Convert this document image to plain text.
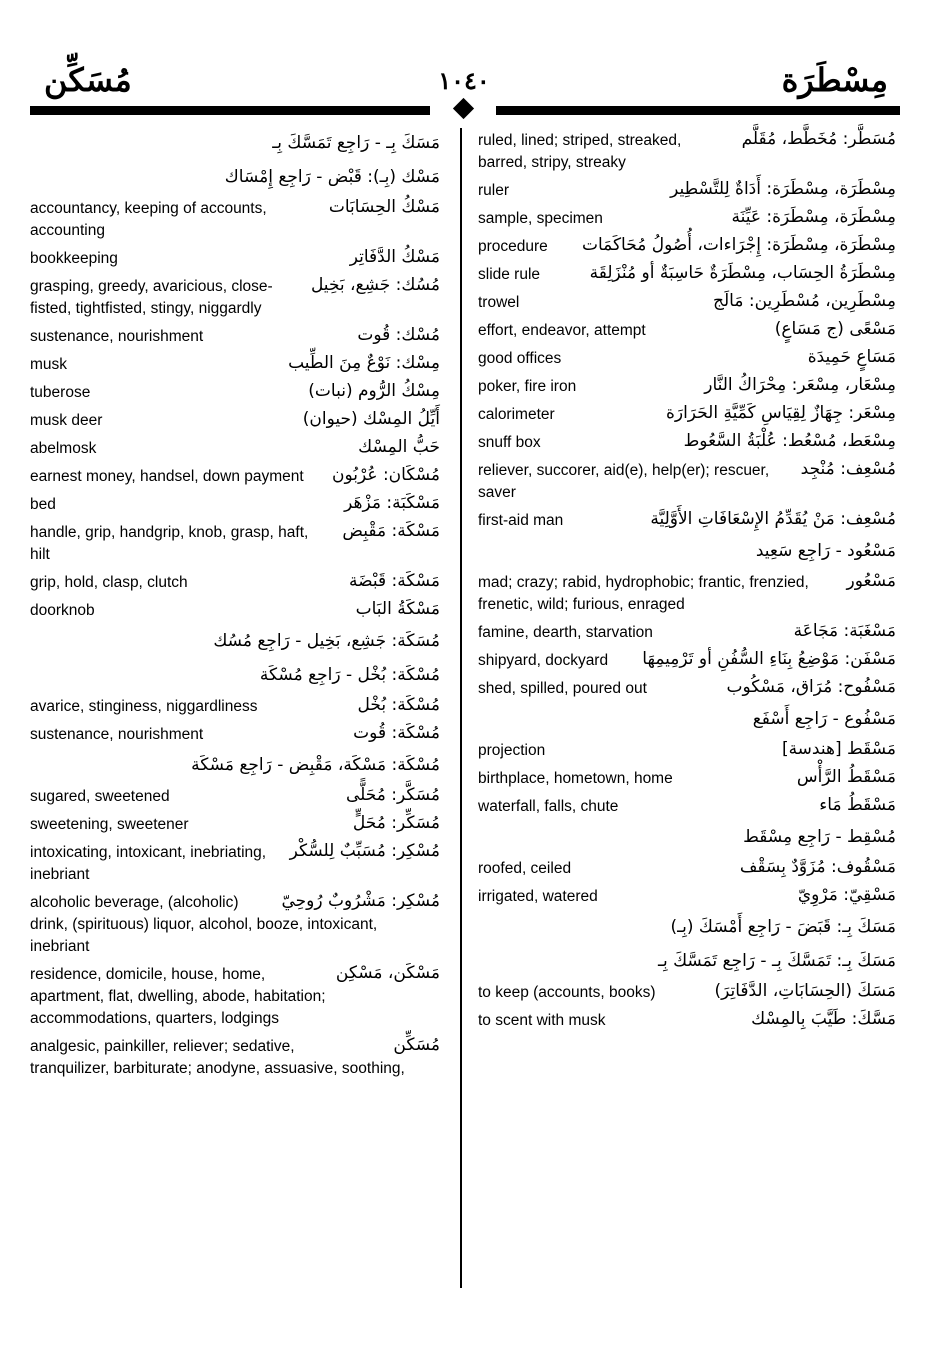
مُسَكِّن	١٠٤٠	مِسْطَرَة
مُسَطَّر: مُخَطَّط، مُقَلَّم
ruled, lined; striped, streaked, barred, stripy, streaky
مِسْطَرَة، مِسْطَرَة: أَدَاةٌ لِلتَّسْطِير
ruler
مِسْطَرَة، مِسْطَرَة: عَيِّنَة
sample, specimen
مِسْطَرَة، مِسْطَرَة: إِجْرَاءات، أُصُولُ مُحَاكَمَات
procedure
مِسْطَرَةُ الحِسَاب، مِسْطَرَةٌ حَاسِبَةٌ أو مُنْزَلِقَة
slide rule
مِسْطَرِين، مُسْطَرِين: مَالَج
trowel
مَسْعًى (ج مَسَاعٍ)
effort, endeavor, attempt
مَسَاعٍ حَمِيدَة
good offices
مِسْعَار، مِسْعَر: مِحْرَاكُ النَّار
poker, fire iron
مِسْعَر: جِهَازٌ لِقِيَاسِ كَمِّيَّةِ الحَرَارَة
calorimeter
مِسْعَط، مُسْعُط: عُلْبَةُ السَّعُوط
snuff box
مُسْعِف: مُنْجِد
reliever, succorer, aid(e), help(er); rescuer, saver
مُسْعِف: مَنْ يُقَدِّمُ الإِسْعَافَاتِ الأَوَّلِيَّة
first-aid man
مَسْعُود - رَاجِع سَعِيد
مَسْعُور
mad; crazy; rabid, hydrophobic; frantic, frenzied, frenetic, wild; furious, enraged
مَسْغَبَة: مَجَاعَة
famine, dearth, starvation
مَسْفَن: مَوْضِعُ بِنَاءِ السُّفُنِ أو تَرْمِيمِهَا
shipyard, dockyard
مَسْفُوح: مُرَاق، مَسْكُوب
shed, spilled, poured out
مَسْفُوع - رَاجِع أَسْفَع
مَسْقَط [هندسة]
projection
مَسْقَطُ الرَّأْس
birthplace, hometown, home
مَسْقَطُ مَاء
waterfall, falls, chute
مُسْقِط - رَاجِع مِسْقَط
مَسْقُوف: مُزَوَّدٌ بِسَقْف
roofed, ceiled
مَسْقِيّ: مَرْوِيّ
irrigated, watered
مَسَكَ بِـ: قَبَضَ - رَاجِع أَمْسَكَ (بِـ)
مَسَكَ بِـ: تَمَسَّكَ بِـ - رَاجِع تَمَسَّكَ بِـ
مَسَكَ (الحِسَابَاتِ، الدَّفَاتِرَ)
to keep (accounts, books)
مَسَّكَ: طَيَّبَ بِالمِسْك
to scent with musk
مَسَكَ بِـ - رَاجِع تَمَسَّكَ بِـ
مَسْك (بِـ): قَبْض - رَاجِع إِمْسَاك
مَسْكُ الحِسَابَات
accountancy, keeping of accounts, accounting
مَسْكُ الدَّفَاتِر
bookkeeping
مُسُك: جَشِع، بَخِيل
grasping, greedy, avaricious, close-fisted, tightfisted, stingy, niggardly
مُسْك: قُوت
sustenance, nourishment
مِسْك: نَوْعٌ مِنَ الطِّيب
musk
مِسْكُ الرُّوم (نبات)
tuberose
أَيِّلُ المِسْك (حيوان)
musk deer
حَبُّ المِسْك
abelmosk
مُسْكَان: عُرْبُون
earnest money, handsel, down payment
مَسْكَبَة: مَزْهَر
bed
مَسْكَة: مَقْبِض
handle, grip, handgrip, knob, grasp, haft, hilt
مَسْكَة: قَبْضَة
grip, hold, clasp, clutch
مَسْكَةُ البَاب
doorknob
مُسَكَة: جَشِع، بَخِيل - رَاجِع مُسُك
مُسْكَة: بُخْل - رَاجِع مُسْكَة
مُسْكَة: بُخْل
avarice, stinginess, niggardliness
مُسْكَة: قُوت
sustenance, nourishment
مُسْكَة: مَسْكَة، مَقْبِض - رَاجِع مَسْكَة
مُسَكَّر: مُحَلًّى
sugared, sweetened
مُسَكِّر: مُحَلٍّ
sweetening, sweetener
مُسْكِر: مُسَبِّبٌ لِلسُّكْر
intoxicating, intoxicant, inebriating, inebriant
مُسْكِر: مَشْرُوبٌ رُوحِيّ
alcoholic beverage, (alcoholic) drink, (spirituous) liquor, alcohol, booze, intoxicant, inebriant
مَسْكَن، مَسْكِن
residence, domicile, house, home, apartment, flat, dwelling, abode, habitation; accommodations, quarters, lodgings
مُسَكِّن
analgesic, painkiller, reliever; sedative, tranquilizer, barbiturate; anodyne, assuasive, soothing,
